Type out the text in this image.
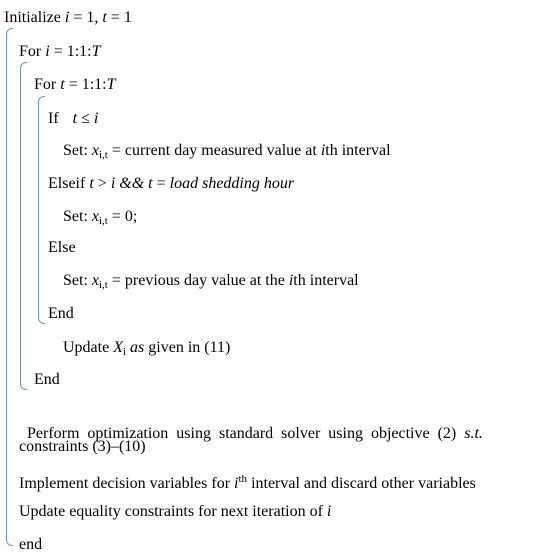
Initialize i = 1, t = 1
For i = 1:1:T
For t = 1:1:T
If t ≤ i
Set: $x_{i,t}$ = current day measured value at ith interval
Elseif t > i && t = load shedding hour
Set: $x_{i,t} = 0$;
Else
Set: $x_{i,t}$ = previous day value at the ith interval
End
Update $X_i$ as given in (11)
End

Perform  optimization  using  standard  solver  using  objective  (2)  s.t.

constraints (3)–(10)
Implement decision variables for $i^{th}$ interval and discard other variables
Update equality constraints for next iteration of i
end
